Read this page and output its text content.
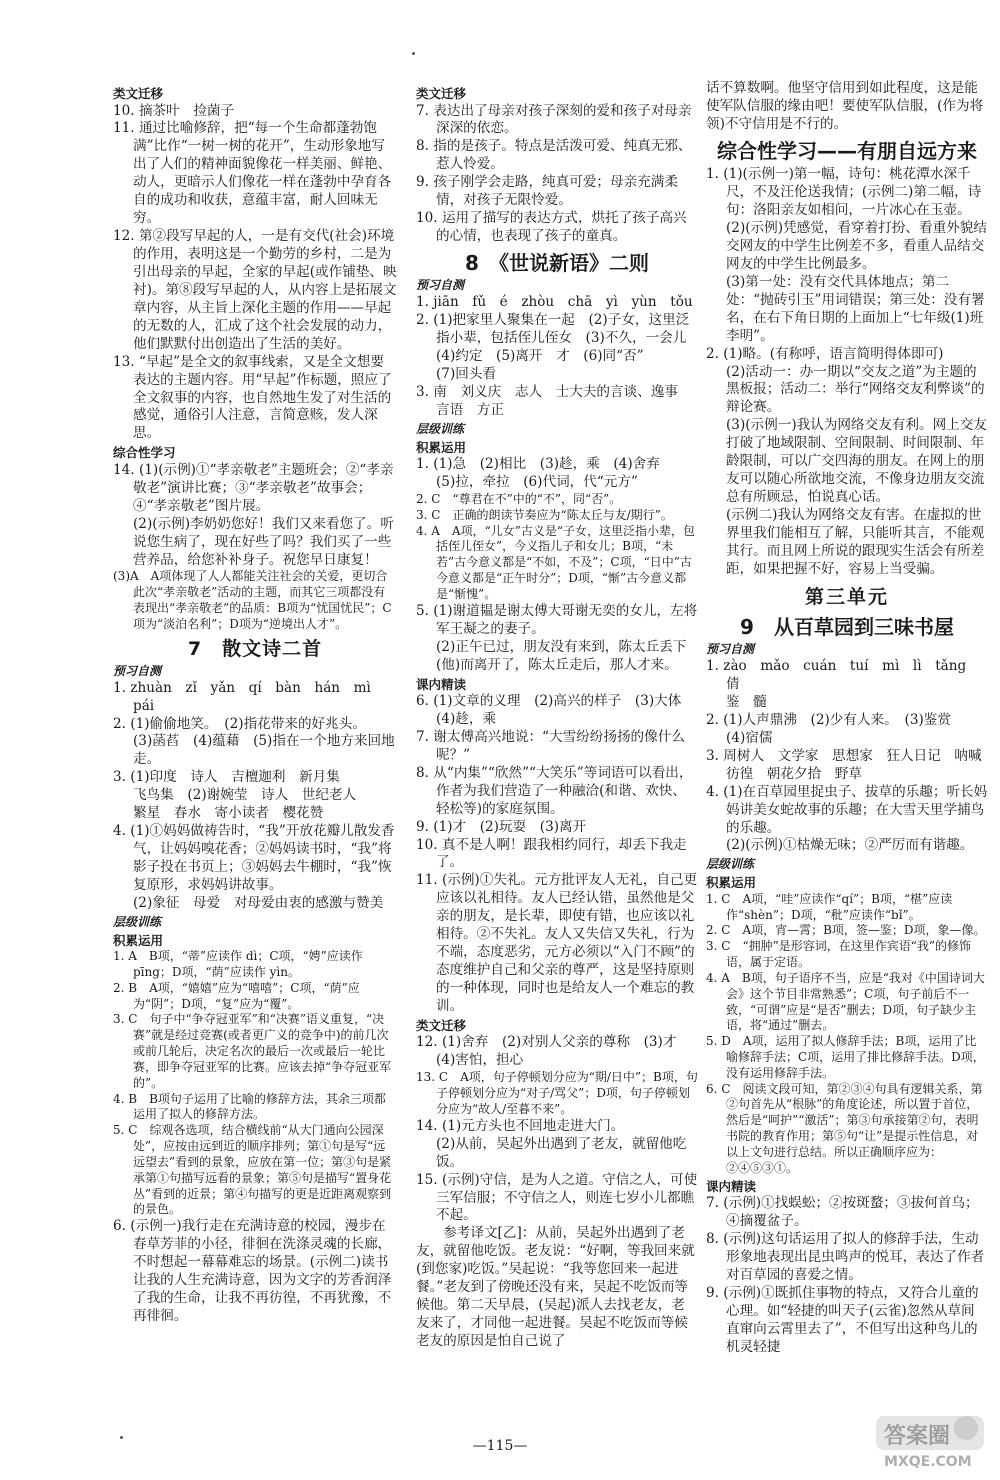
类文迁移
10. 摘茶叶　捡菌子
11. 通过比喻修辞，把“每一个生命都蓬勃饱满”比作“一树一树的花开”，生动形象地写出了人们的精神面貌像花一样美丽、鲜艳、动人，更暗示人们像花一样在蓬勃中孕育各自的成功和收获，意蕴丰富，耐人回味无穷。
12. 第②段写早起的人，一是有交代(社会)环境的作用，表明这是一个勤劳的乡村，二是为引出母亲的早起，全家的早起(或作铺垫、映衬)。第⑧段写早起的人，从内容上是拓展文章内容，从主旨上深化主题的作用——早起的无数的人，汇成了这个社会发展的动力，他们默默付出创造出了生活的美好。
13. “早起”是全文的叙事线索，又是全文想要表达的主题内容。用“早起”作标题，照应了全文叙事的内容，也自然地生发了对生活的感觉，通俗引人注意，言简意赅，发人深思。
综合性学习
14. (1)(示例)①“孝亲敬老”主题班会；②“孝亲敬老”演讲比赛；③“孝亲敬老”故事会；④“孝亲敬老”图片展。
(2)(示例)李奶奶您好！我们又来看您了。听说您生病了，现在好些了吗？我们买了一些营养品，给您补补身子。祝您早日康复！
(3)A　A项体现了人人都能关注社会的关爱，更切合此次“孝亲敬老”活动的主题，而其它三项都没有表现出“孝亲敬老”的品质：B项为“忧国忧民”；C项为“淡泊名利”；D项为“逆境出人才”。
7　散文诗二首
预习自测
1. zhuàn　zǐ　yǎn　qí　bàn　hán　mì　pái
2. (1)偷偷地笑。　(2)指花带来的好兆头。
(3)菡萏　(4)蕴藉　(5)指在一个地方来回地走。
3. (1)印度　诗人　吉檀迦利　新月集
飞鸟集　(2)谢婉莹　诗人　世纪老人
繁星　春水　寄小读者　樱花赞
4. (1)①妈妈做祷告时，“我”开放花瓣儿散发香气，让妈妈嗅花香；②妈妈读书时，“我”将影子投在书页上；③妈妈去牛棚时，“我”恢复原形，求妈妈讲故事。
(2)象征　母爱　对母爱由衷的感激与赞美
层级训练
积累运用
1. A　B项，“蒂”应读作 dì；C项，“娉”应读作 pīng；D项，“荫”应读作 yìn。
2. B　A项，“嬉嬉”应为“嘻嘻”；C项，“荫”应为“阴”；D项，“复”应为“覆”。
3. C　句子中“争夺冠亚军”和“决赛”语义重复，“决赛”就是经过竞赛(或者更广义的竞争中)的前几次或前几轮后，决定名次的最后一次或最后一轮比赛，即争夺冠亚军的比赛。应该去掉“争夺冠亚军的”。
4. B　B项句子运用了比喻的修辞方法，其余三项都运用了拟人的修辞方法。
5. C　综观各选项，结合横线前“从大门通向公园深处”，应按由远到近的顺序排列；第①句是写“远远望去”看到的景象，应放在第一位；第③句是紧承第①句描写远看的景象；第⑤句是描写“置身花丛”看到的近景；第④句描写的更是近距离观察到的景色。
6. (示例一)我行走在充满诗意的校园，漫步在春草芳菲的小径，徘徊在洗涤灵魂的长廊，不时想起一幕幕难忘的场景。(示例二)读书让我的人生充满诗意，因为文字的芳香润泽了我的生命，让我不再彷徨，不再犹豫，不再徘徊。
类文迁移
7. 表达出了母亲对孩子深刻的爱和孩子对母亲深深的依恋。
8. 指的是孩子。特点是活泼可爱、纯真无邪、惹人怜爱。
9. 孩子刚学会走路，纯真可爱；母亲充满柔情，对孩子无限怜爱。
10. 运用了描写的表达方式，烘托了孩子高兴的心情，也表现了孩子的童真。
8　《世说新语》二则
预习自测
1. jiān　fǔ　é　zhòu　chā　yì　yùn　tǒu
2. (1)把家里人聚集在一起　(2)子女，这里泛指小辈，包括侄儿侄女　(3)不久，一会儿　(4)约定　(5)离开　才　(6)同“否”
(7)回头看
3. 南　刘义庆　志人　士大夫的言谈、逸事
言语　方正
层级训练
积累运用
1. (1)急　(2)相比　(3)趁，乘　(4)舍弃
(5)拉，牵拉　(6)代词，代“元方”
2. C　“尊君在不”中的“不”，同“否”。
3. C　正确的朗读节奏应为“陈太丘与友/期行”。
4. A　A项，“儿女”古义是“子女，这里泛指小辈，包括侄儿侄女”，今义指儿子和女儿；B项，“未若”古今意义都是“不如，不及”；C项，“日中”古今意义都是“正午时分”；D项，“惭”古今意义都是“惭愧”。
5. (1)谢道韫是谢太傅大哥谢无奕的女儿，左将军王凝之的妻子。
(2)正午已过，朋友没有来到，陈太丘丢下(他)而离开了，陈太丘走后，那人才来。
课内精读
6. (1)文章的义理　(2)高兴的样子　(3)大体　(4)趁，乘
7. 谢太傅高兴地说：“大雪纷纷扬扬的像什么呢？”
8. 从“内集”“欣然”“大笑乐”等词语可以看出，作者为我们营造了一种融洽(和谐、欢快、轻松等)的家庭氛围。
9. (1)才　(2)玩耍　(3)离开
10. 真不是人啊！跟我相约同行，却丢下我走了。
11. (示例)①失礼。元方批评友人无礼，自己更应该以礼相待。友人已经认错，虽然他是父亲的朋友，是长辈，即使有错，也应该以礼相待。②不失礼。友人又失信又失礼，行为不端，态度恶劣，元方必须以“入门不顾”的态度维护自己和父亲的尊严，这是坚持原则的一种体现，同时也是给友人一个难忘的教训。
类文迁移
12. (1)舍弃　(2)对别人父亲的尊称　(3)才
(4)害怕，担心
13. C　A项，句子停顿划分应为“期/日中”；B项，句子停顿划分应为“对子/骂父”；D项，句子停顿划分应为“故人/至暮不来”。
14. (1)元方头也不回地走进大门。
(2)从前，吴起外出遇到了老友，就留他吃饭。
15. (示例)守信，是为人之道。守信之人，可使三军信服；不守信之人，则连七岁小儿都瞧不起。
参考译文[乙]：从前，吴起外出遇到了老友，就留他吃饭。老友说：“好啊，等我回来就(到您家)吃饭。”吴起说：“我等您回来一起进餐。”老友到了傍晚还没有来，吴起不吃饭而等候他。第二天早晨，(吴起)派人去找老友，老友来了，才同他一起进餐。吴起不吃饭而等候老友的原因是怕自己说了
话不算数啊。他坚守信用到如此程度，这是能使军队信服的缘由吧！要使军队信服，(作为将领)不守信用是不行的。
综合性学习——有朋自远方来
1. (1)(示例一)第一幅，诗句：桃花潭水深千尺，不及汪伦送我情；(示例二)第二幅，诗句：洛阳亲友如相问，一片冰心在玉壶。
(2)(示例)凭感觉，看穿着打扮、看重外貌结交网友的中学生比例差不多，看重人品结交网友的中学生比例最多。
(3)第一处：没有交代具体地点；第二处：“抛砖引玉”用词错误；第三处：没有署名，在右下角日期的上面加上“七年级(1)班李明”。
2. (1)略。(有称呼，语言简明得体即可)
(2)活动一：办一期以“交友之道”为主题的黑板报；活动二：举行“网络交友利弊谈”的辩论赛。
(3)(示例一)我认为网络交友有利。网上交友打破了地域限制、空间限制、时间限制、年龄限制，可以广交四海的朋友。在网上的朋友可以随心所欲地交流，不像身边朋友交流总有所顾忌，怕说真心话。
(示例二)我认为网络交友有害。在虚拟的世界里我们能相互了解，只能听其言，不能观其行。而且网上所说的跟现实生活会有所差距，如果把握不好，容易上当受骗。
第三单元
9　从百草园到三味书屋
预习自测
1. zào　mǎo　cuán　tuí　mì　lì　tǎng　倩
鉴　髓
2. (1)人声鼎沸　(2)少有人来。　(3)鉴赏
(4)宿儒
3. 周树人　文学家　思想家　狂人日记　呐喊　彷徨　朝花夕拾　野草
4. (1)在百草园里捉虫子、拔草的乐趣；听长妈妈讲美女蛇故事的乐趣；在大雪天里学捕鸟的乐趣。
(2)(示例)①枯燥无味；②严厉而有谐趣。
层级训练
积累运用
1. C　A项，“哇”应读作“qí”；B项，“椹”应读作“shèn”；D项，“秕”应读作“bǐ”。
2. C　A项，宵—霄；B项，签—鉴；D项，象—像。
3. C　“拥肿”是形容词，在这里作宾语“我”的修饰语，属于定语。
4. A　B项，句子语序不当，应是“我对《中国诗词大会》这个节目非常熟悉”；C项，句子前后不一致，“可谓”应是“是否”删去；D项，句子缺少主语，将“通过”删去。
5. D　A项，运用了拟人修辞手法；B项，运用了比喻修辞手法；C项，运用了排比修辞手法。D项，没有运用修辞手法。
6. C　阅读文段可知，第②③④句具有逻辑关系，第②句首先从“根脉”的角度论述，所以置于首位，然后是“呵护”“激活”；第③句承接第②句，表明书院的教育作用；第⑤句“让”是提示性信息，对以上文句进行总结。所以正确顺序应为：②④⑤③①。
课内精读
7. (示例)①找蜈蚣；②按斑蝥；③拔何首乌；
④摘覆盆子。
8. (示例)这句话运用了拟人的修辞手法，生动形象地表现出昆虫鸣声的悦耳，表达了作者对百草园的喜爱之情。
9. (示例)①既抓住事物的特点，又符合儿童的心理。如“轻捷的叫天子(云雀)忽然从草间直窜向云霄里去了”，不但写出这种鸟儿的机灵轻捷
—115—	答案圈
MXQE.COM
